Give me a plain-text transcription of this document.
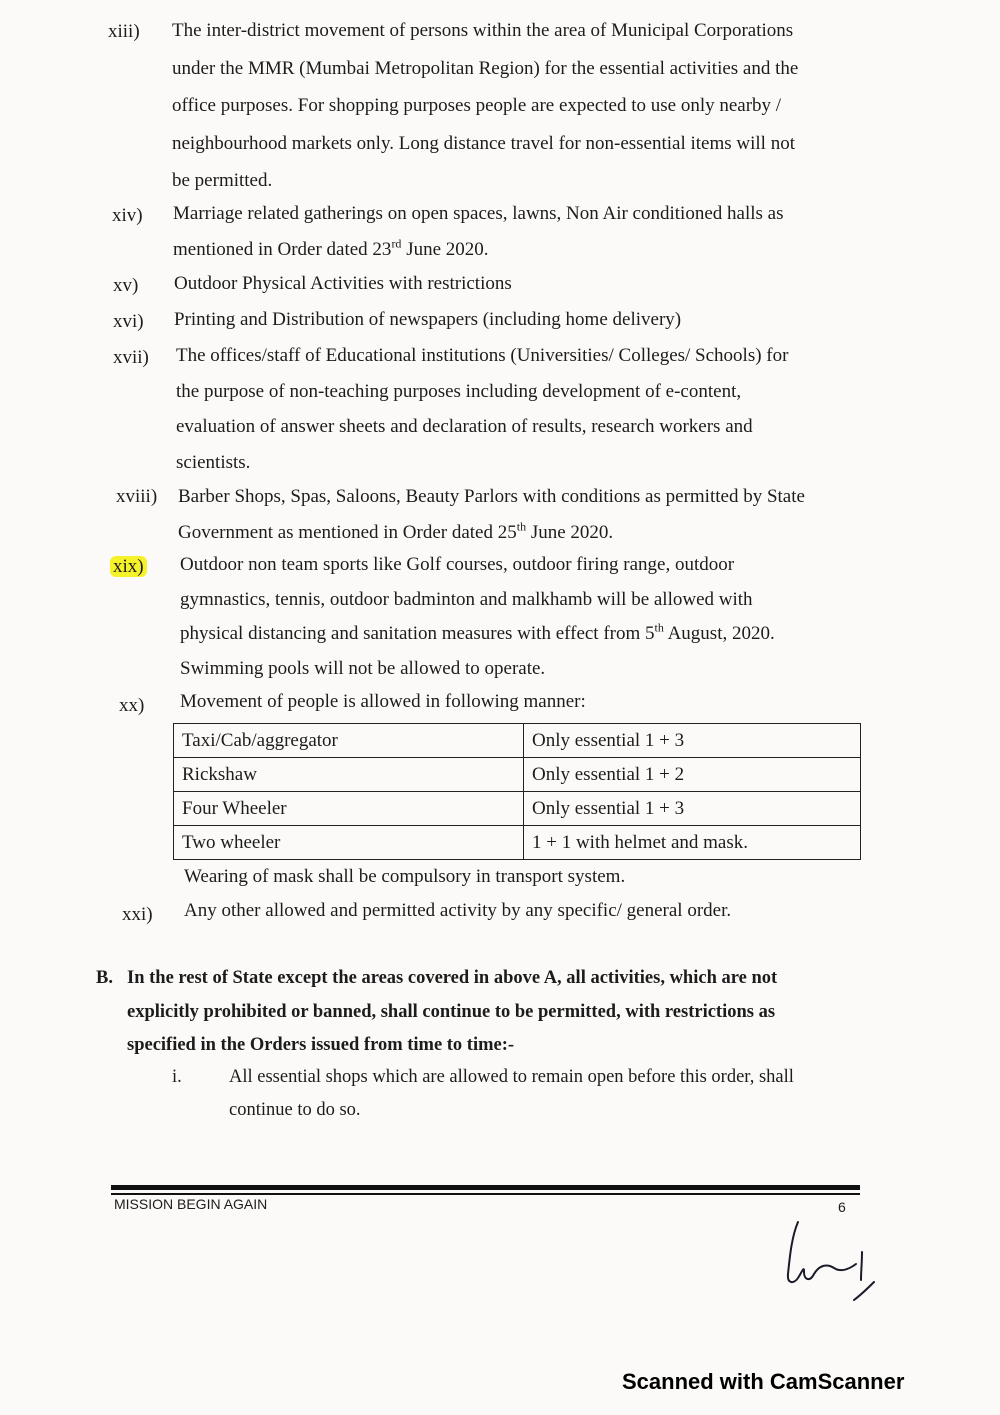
xiii)	The inter-district movement of persons within the area of Municipal Corporations
under the MMR (Mumbai Metropolitan Region) for the essential activities and the
office purposes. For shopping purposes people are expected to use only nearby /
neighbourhood markets only. Long distance travel for non-essential items will not
be permitted.
xiv)	Marriage related gatherings on open spaces, lawns, Non Air conditioned halls as
mentioned in Order dated 23rd June 2020.
xv)	Outdoor Physical Activities with restrictions
xvi)	Printing and Distribution of newspapers (including home delivery)
xvii)	The offices/staff of Educational institutions (Universities/ Colleges/ Schools) for
the purpose of non-teaching purposes including development of e-content,
evaluation of answer sheets and declaration of results, research workers and
scientists.
xviii)	Barber Shops, Spas, Saloons, Beauty Parlors with conditions as permitted by State
Government as mentioned in Order dated 25th June 2020.
xix)	Outdoor non team sports like Golf courses, outdoor firing range, outdoor
gymnastics, tennis, outdoor badminton and malkhamb will be allowed with
physical distancing and sanitation measures with effect from 5th August, 2020.
Swimming pools will not be allowed to operate.
xx)	Movement of people is allowed in following manner:
Taxi/Cab/aggregator	Only essential 1 + 3
Rickshaw	Only essential 1 + 2
Four Wheeler	Only essential 1 + 3
Two wheeler	1 + 1 with helmet and mask.
Wearing of mask shall be compulsory in transport system.
xxi)	Any other allowed and permitted activity by any specific/ general order.
B. In the rest of State except the areas covered in above A, all activities, which are not
explicitly prohibited or banned, shall continue to be permitted, with restrictions as
specified in the Orders issued from time to time:-
i.	All essential shops which are allowed to remain open before this order, shall
continue to do so.
MISSION BEGIN AGAIN	6
Scanned with CamScanner
